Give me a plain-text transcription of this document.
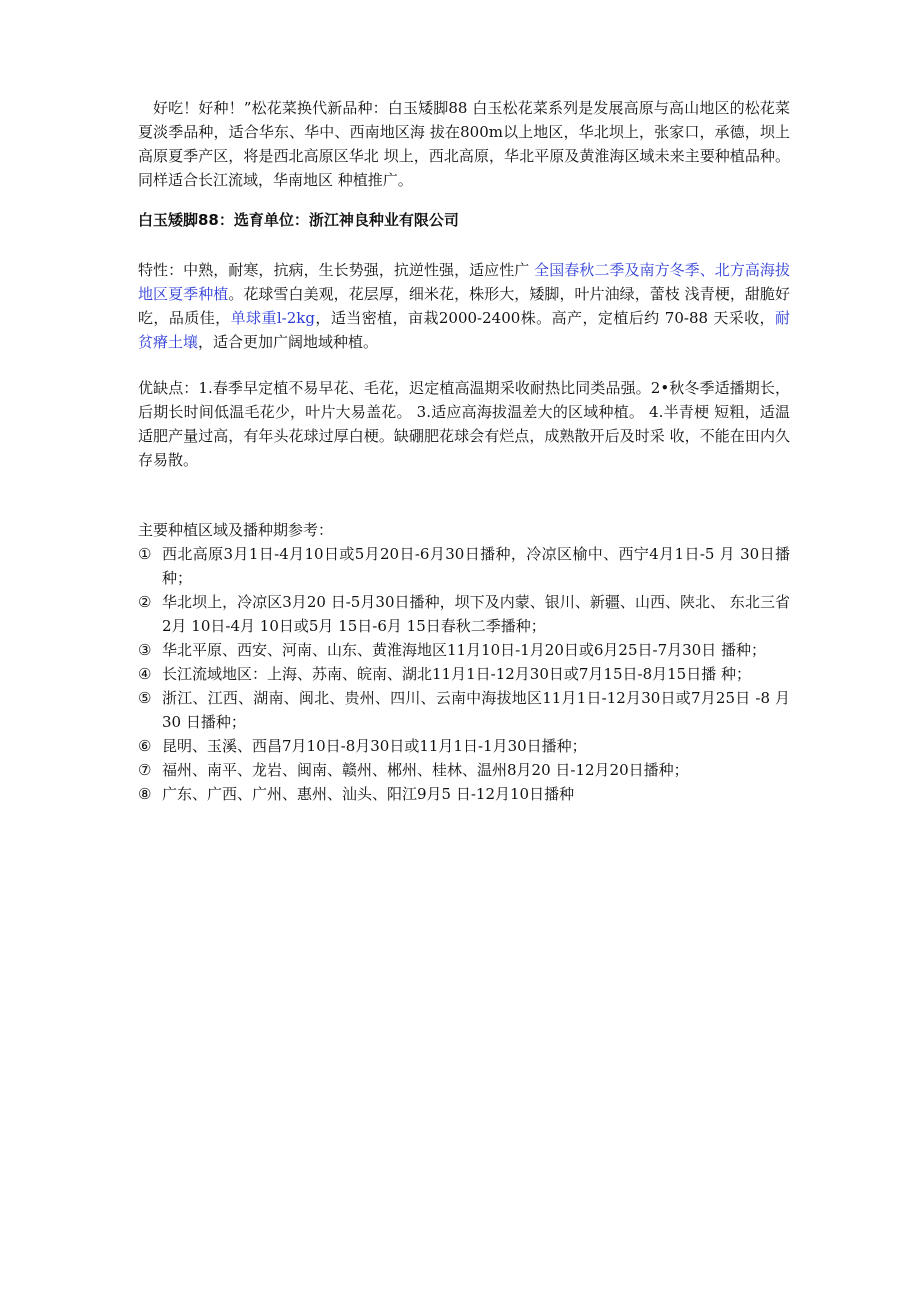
好吃！好种！”松花菜换代新品种：白玉矮脚88 白玉松花菜系列是发展高原与高山地区的松花菜夏淡季品种，适合华东、华中、西南地区海 拔在800m以上地区，华北坝上，张家口，承德，坝上高原夏季产区，将是西北高原区华北 坝上，西北高原，华北平原及黄淮海区域未来主要种植品种。同样适合长江流域，华南地区 种植推广。

白玉矮脚88：选育单位：浙江神良种业有限公司

特性：中熟，耐寒，抗病，生长势强，抗逆性强，适应性广 全国春秋二季及南方冬季、北方高海拔地区夏季种植。花球雪白美观，花层厚，细米花，株形大，矮脚，叶片油绿，蕾枝 浅青梗，甜脆好吃，品质佳，单球重l-2kg，适当密植，亩栽2000-2400株。高产，定植后约 70-88 天采收，耐贫瘠土壤，适合更加广阔地域种植。

优缺点：1.春季早定植不易早花、毛花，迟定植高温期采收耐热比同类品强。2•秋冬季适播期长，后期长时间低温毛花少，叶片大易盖花。 3.适应高海拔温差大的区域种植。 4.半青梗 短粗，适温适肥产量过高，有年头花球过厚白梗。缺硼肥花球会有烂点，成熟散开后及时采 收，不能在田内久存易散。

主要种植区域及播种期参考：

① 西北高原3月1日-4月10日或5月20日-6月30日播种，冷凉区榆中、西宁4月1日-5 月 30日播种；
② 华北坝上，冷凉区3月20 日-5月30日播种，坝下及内蒙、银川、新疆、山西、陕北、 东北三省2月 10日-4月 10日或5月 15日-6月 15日春秋二季播种；
③ 华北平原、西安、河南、山东、黄淮海地区11月10日-1月20日或6月25日-7月30日 播种；
④ 长江流域地区：上海、苏南、皖南、湖北11月1日-12月30日或7月15日-8月15日播 种；
⑤ 浙江、江西、湖南、闽北、贵州、四川、云南中海拔地区11月1日-12月30日或7月25日 -8 月 30 日播种；
⑥ 昆明、玉溪、西昌7月10日-8月30日或11月1日-1月30日播种；
⑦ 福州、南平、龙岩、闽南、赣州、郴州、桂林、温州8月20 日-12月20日播种；
⑧ 广东、广西、广州、惠州、汕头、阳江9月5 日-12月10日播种
